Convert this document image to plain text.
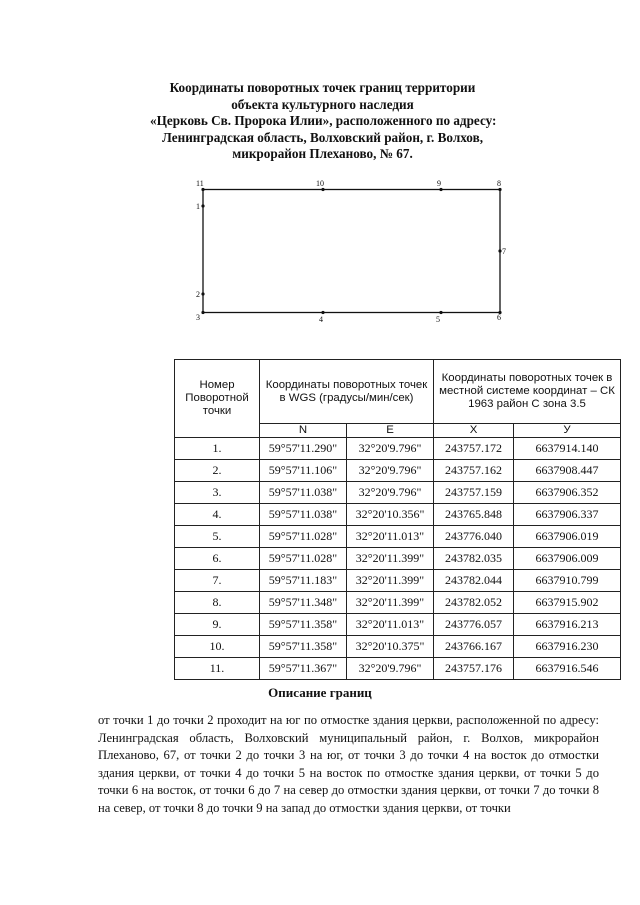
Координаты поворотных точек границ территории
объекта культурного наследия
«Церковь Св. Пророка Илии», расположенного по адресу:
Ленинградская область, Волховский район, г. Волхов,
микрорайон Плеханово, № 67.
1
2
3	4	5	6
7
8
9
10
11
Номер Поворотной точки	Координаты поворотных точек в WGS (градусы/мин/сек)		Координаты поворотных точек в местной системе координат – СК 1963 район С зона 3.5	
	N	E	X	У
1.	59°57'11.290"	32°20'9.796"	243757.172	6637914.140
2.	59°57'11.106"	32°20'9.796"	243757.162	6637908.447
3.	59°57'11.038"	32°20'9.796"	243757.159	6637906.352
4.	59°57'11.038"	32°20'10.356"	243765.848	6637906.337
5.	59°57'11.028"	32°20'11.013"	243776.040	6637906.019
6.	59°57'11.028"	32°20'11.399"	243782.035	6637906.009
7.	59°57'11.183"	32°20'11.399"	243782.044	6637910.799
8.	59°57'11.348"	32°20'11.399"	243782.052	6637915.902
9.	59°57'11.358"	32°20'11.013"	243776.057	6637916.213
10.	59°57'11.358"	32°20'10.375"	243766.167	6637916.230
11.	59°57'11.367"	32°20'9.796"	243757.176	6637916.546
Описание границ
от точки 1 до точки 2 проходит на юг по отмостке здания церкви, расположенной по адресу: Ленинградская область, Волховский муниципальный район, г. Волхов, микрорайон Плеханово, 67, от точки 2 до точки 3 на юг, от точки 3 до точки 4 на восток до отмостки здания церкви, от точки 4 до точки 5 на восток по отмостке здания церкви, от точки 5 до точки 6 на восток, от точки 6 до 7 на север до отмостки здания церкви, от точки 7 до точки 8 на север, от точки 8 до точки 9 на запад до отмостки здания церкви, от точки
